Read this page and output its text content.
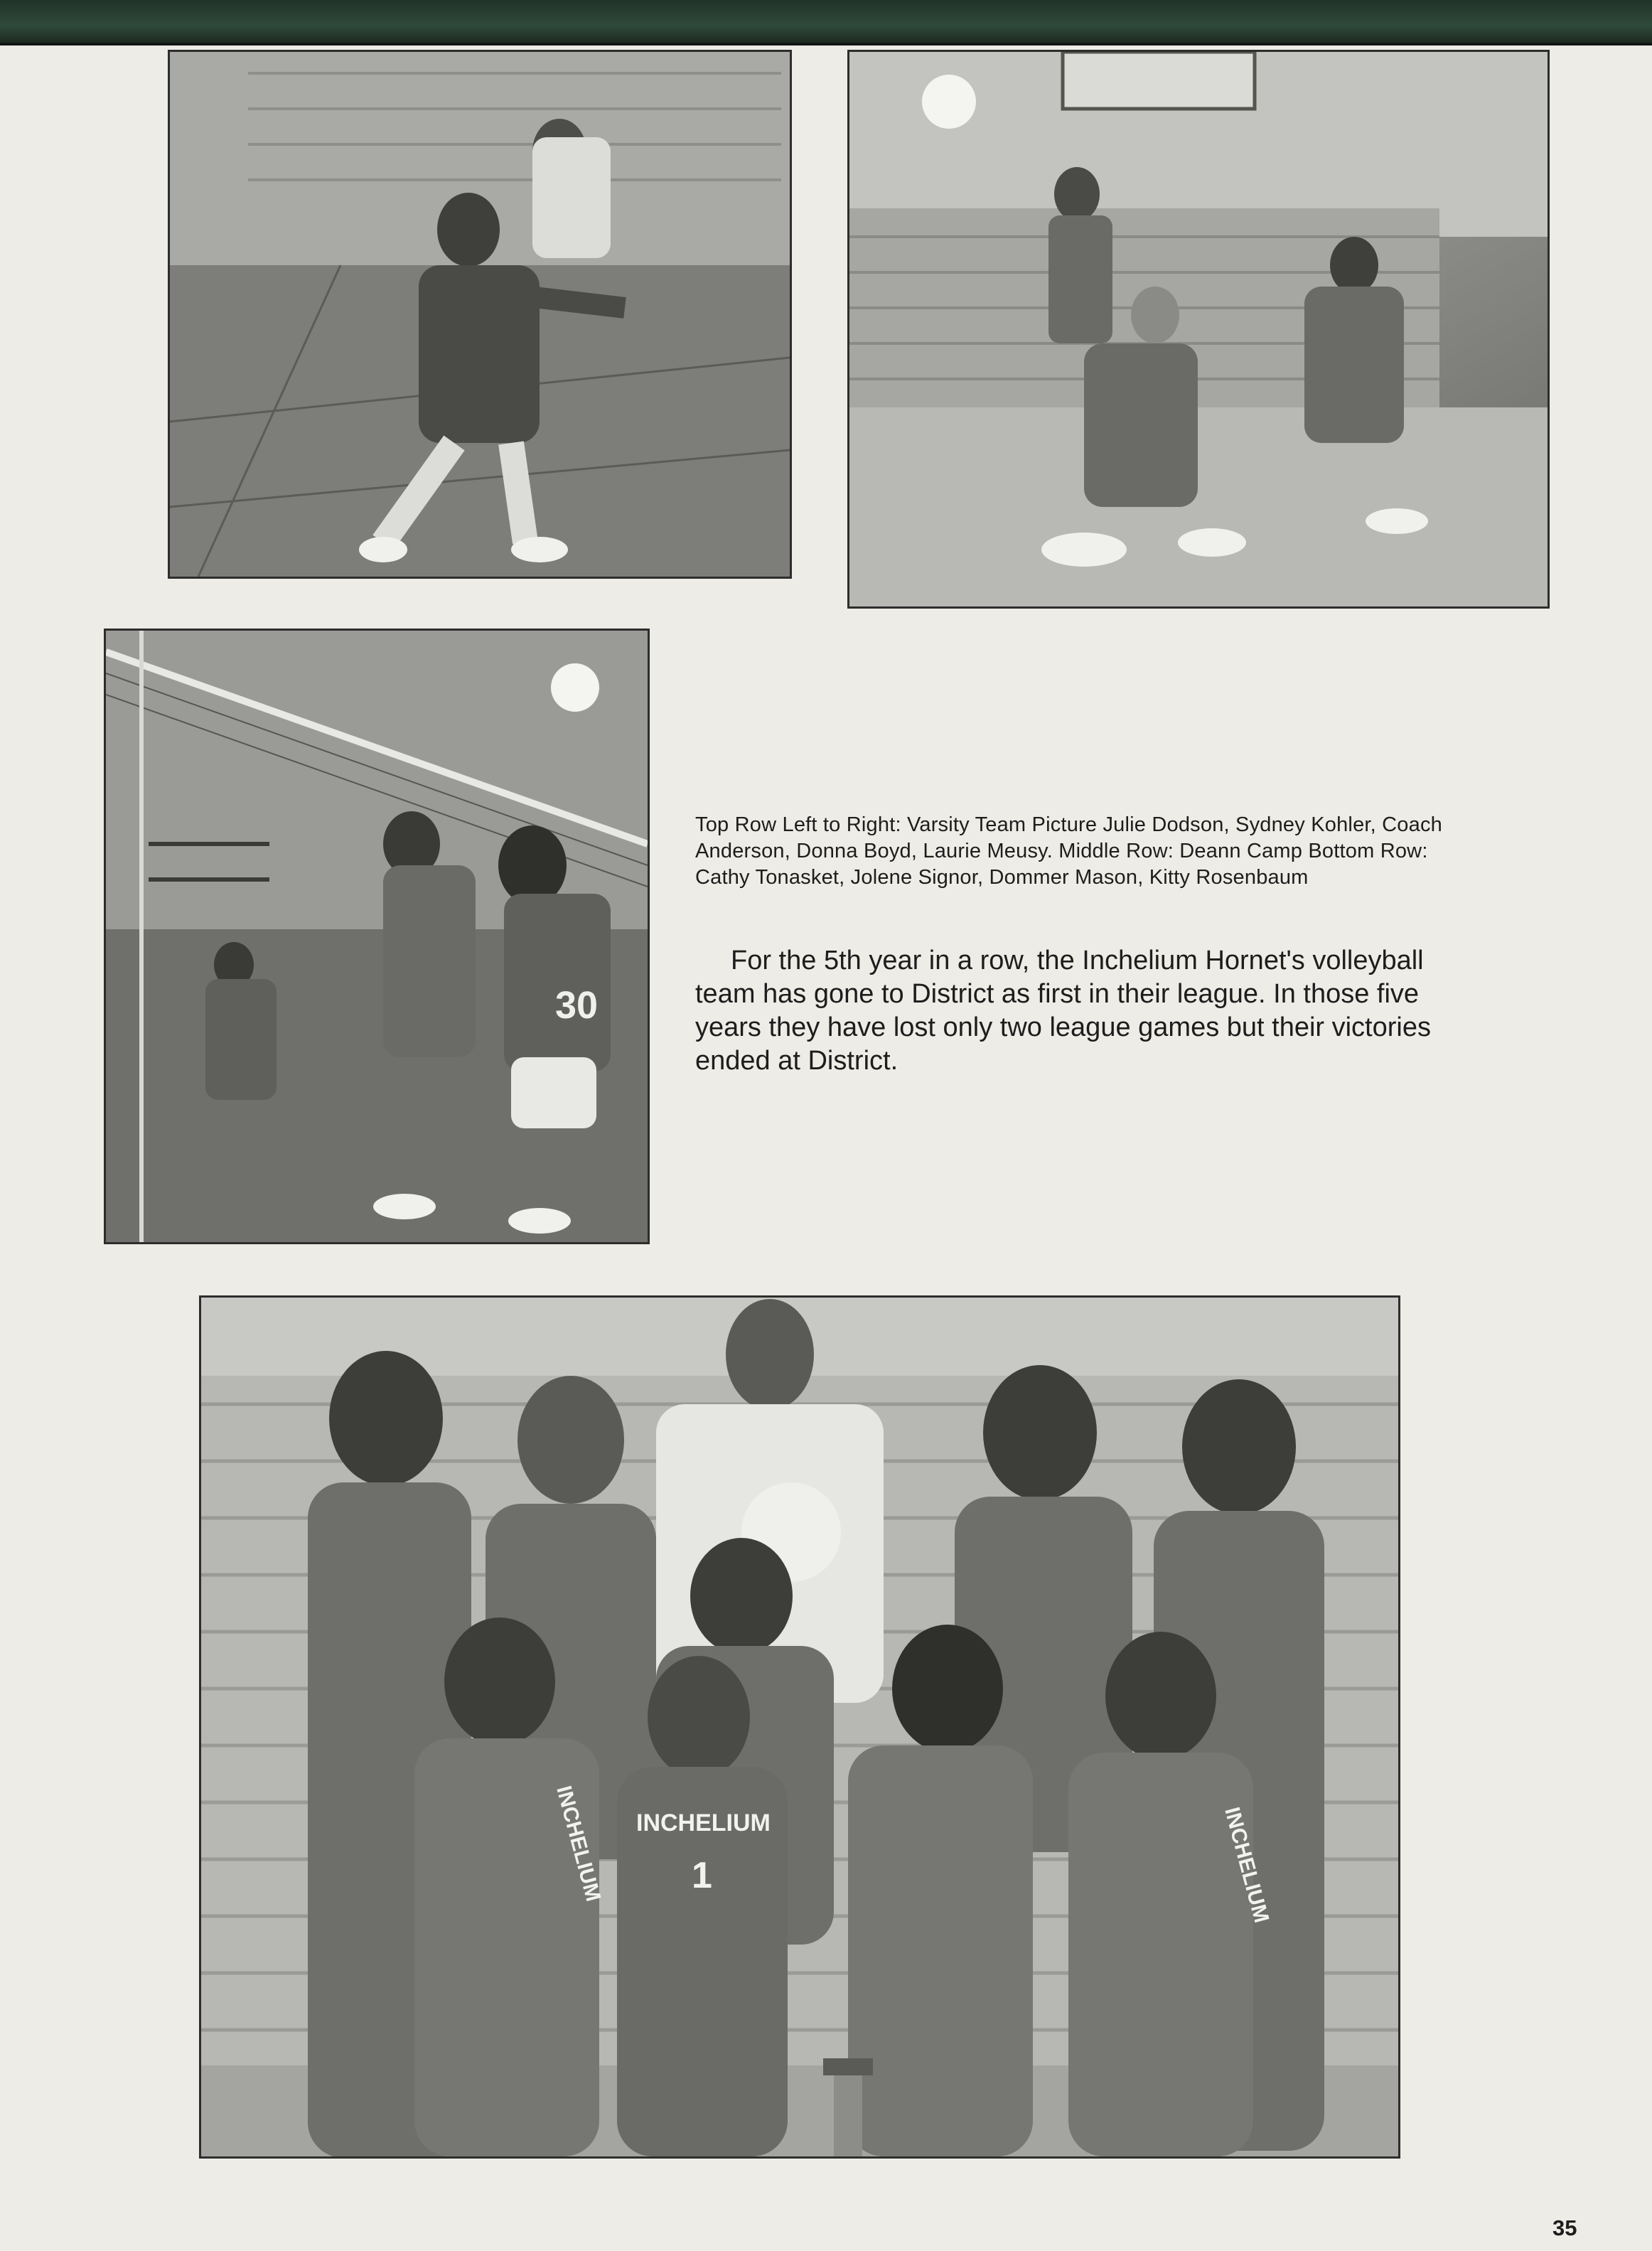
30

Top Row Left to Right: Varsity Team Picture Julie Dodson, Sydney Kohler, Coach Anderson, Donna Boyd, Laurie Meusy. Middle Row: Deann Camp Bottom Row: Cathy Tonasket, Jolene Signor, Dommer Mason, Kitty Rosenbaum

For the 5th year in a row, the Inchelium Hornet's volleyball team has gone to District as first in their league. In those five years they have lost only two league games but their victories ended at District.

INCHELIUM
1
INCHELIUM	INCHELIUM
35
